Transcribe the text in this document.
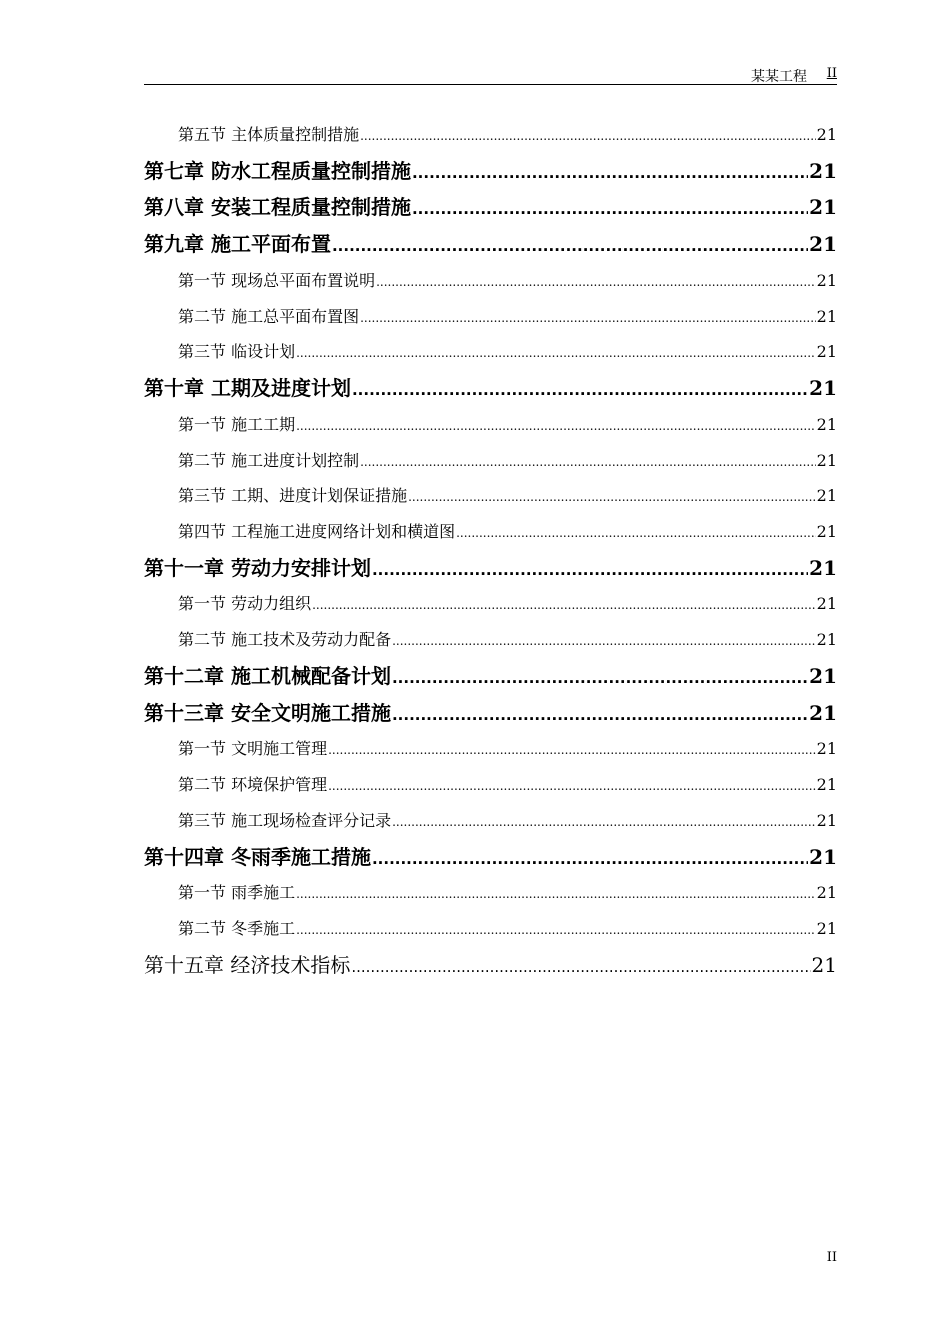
某某工程 II
第五节 主体质量控制措施 .....	21
第七章 防水工程质量控制措施 .....	21
第八章 安装工程质量控制措施 .....	21
第九章 施工平面布置 .....	21
第一节 现场总平面布置说明 .....	21
第二节 施工总平面布置图 .....	21
第三节 临设计划 .....	21
第十章 工期及进度计划 .....	21
第一节 施工工期 .....	21
第二节 施工进度计划控制 .....	21
第三节 工期、进度计划保证措施 .....	21
第四节 工程施工进度网络计划和横道图 .....	21
第十一章 劳动力安排计划 .....	21
第一节 劳动力组织 .....	21
第二节 施工技术及劳动力配备 .....	21
第十二章 施工机械配备计划 .....	21
第十三章 安全文明施工措施 .....	21
第一节 文明施工管理 .....	21
第二节 环境保护管理 .....	21
第三节 施工现场检查评分记录 .....	21
第十四章 冬雨季施工措施 .....	21
第一节 雨季施工 .....	21
第二节 冬季施工 .....	21
第十五章 经济技术指标 .....	21
II
